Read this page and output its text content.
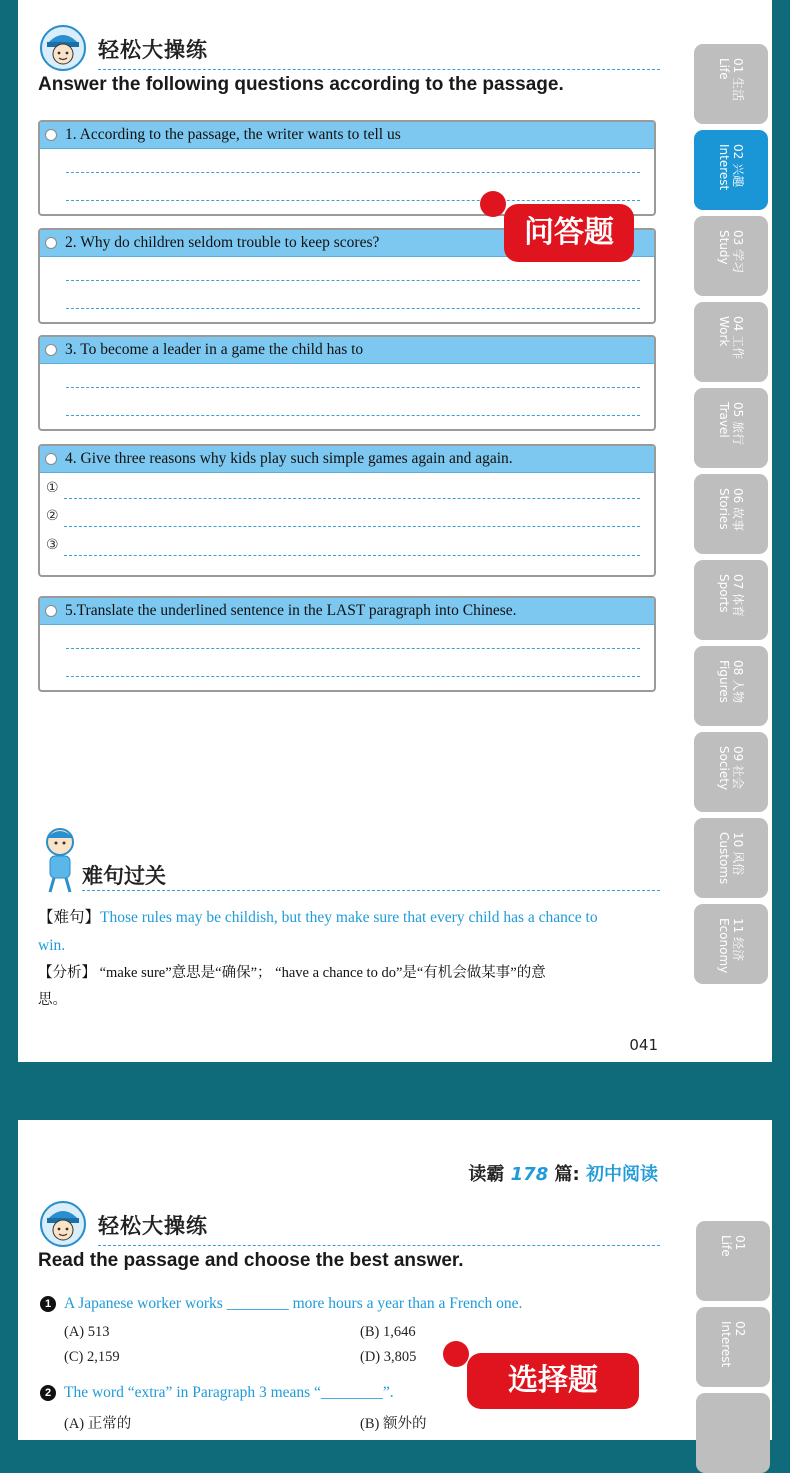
轻松大操练
Answer the following questions according to the passage.
1. According to the passage, the writer wants to tell us
2. Why do children seldom trouble to keep scores?
3. To become a leader in a game the child has to
4. Give three reasons why kids play such simple games again and again.
①
②
③
5.Translate the underlined sentence in the LAST paragraph into Chinese.
问答题
难句过关
【难句】Those rules may be childish, but they make sure that every child has a chance to
win.
【分析】 “make sure”意思是“确保”； “have a chance to do”是“有机会做某事”的意
思。
041
01 生活
Life
02 兴趣
Interest
03 学习
Study
04 工作
Work
05 旅行
Travel
06 故事
Stories
07 体育
Sports
08 人物
Figures
09 社会
Society
10 风俗
Customs
11 经济
Economy
读霸 178 篇: 初中阅读
轻松大操练
Read the passage and choose the best answer.
1 A Japanese worker works ________ more hours a year than a French one.
(A) 513	(B) 1,646
(C) 2,159	(D) 3,805
2 The word “extra” in Paragraph 3 means “________”.
(A) 正常的	(B) 额外的
选择题
01
Life
02
Interest
